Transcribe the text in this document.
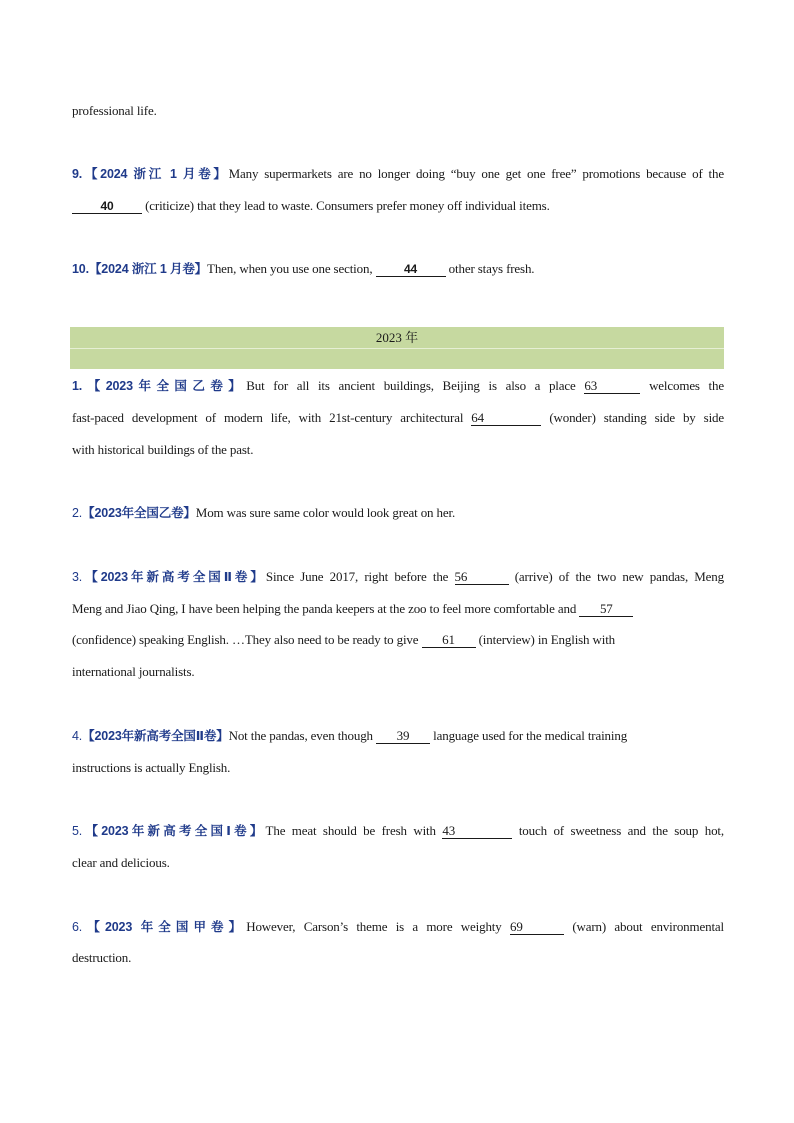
professional life.
9.【2024 浙江 1 月卷】Many supermarkets are no longer doing “buy one get one free” promotions because of the
40 (criticize) that they lead to waste. Consumers prefer money off individual items.
10.【2024 浙江 1 月卷】Then, when you use one section,	44 other stays fresh.
2023 年
1.【2023年全国乙卷】But for all its ancient buildings, Beijing is also a place 63	welcomes the
fast-paced development of modern life, with 21st-century architectural 64	(wonder) standing side by side
with historical buildings of the past.
2.【2023年全国乙卷】Mom was sure same color would look great on her.
3.【2023年新高考全国Ⅱ卷】Since June 2017, right before the 56	(arrive) of the two new pandas, Meng
Meng and Jiao Qing, I have been helping the panda keepers at the zoo to feel more comfortable and 57
(confidence) speaking English. …They also need to be ready to give 61 (interview) in English with
international journalists.
4.【2023年新高考全国Ⅱ卷】Not the pandas, even though 39 language used for the medical training
instructions is actually English.
5.【2023年新高考全国Ⅰ卷】The meat should be fresh with 43	touch of sweetness and the soup hot,
clear and delicious.
6.【2023 年全国甲卷】However, Carson’s theme is a more weighty 69	(warn) about environmental
destruction.
